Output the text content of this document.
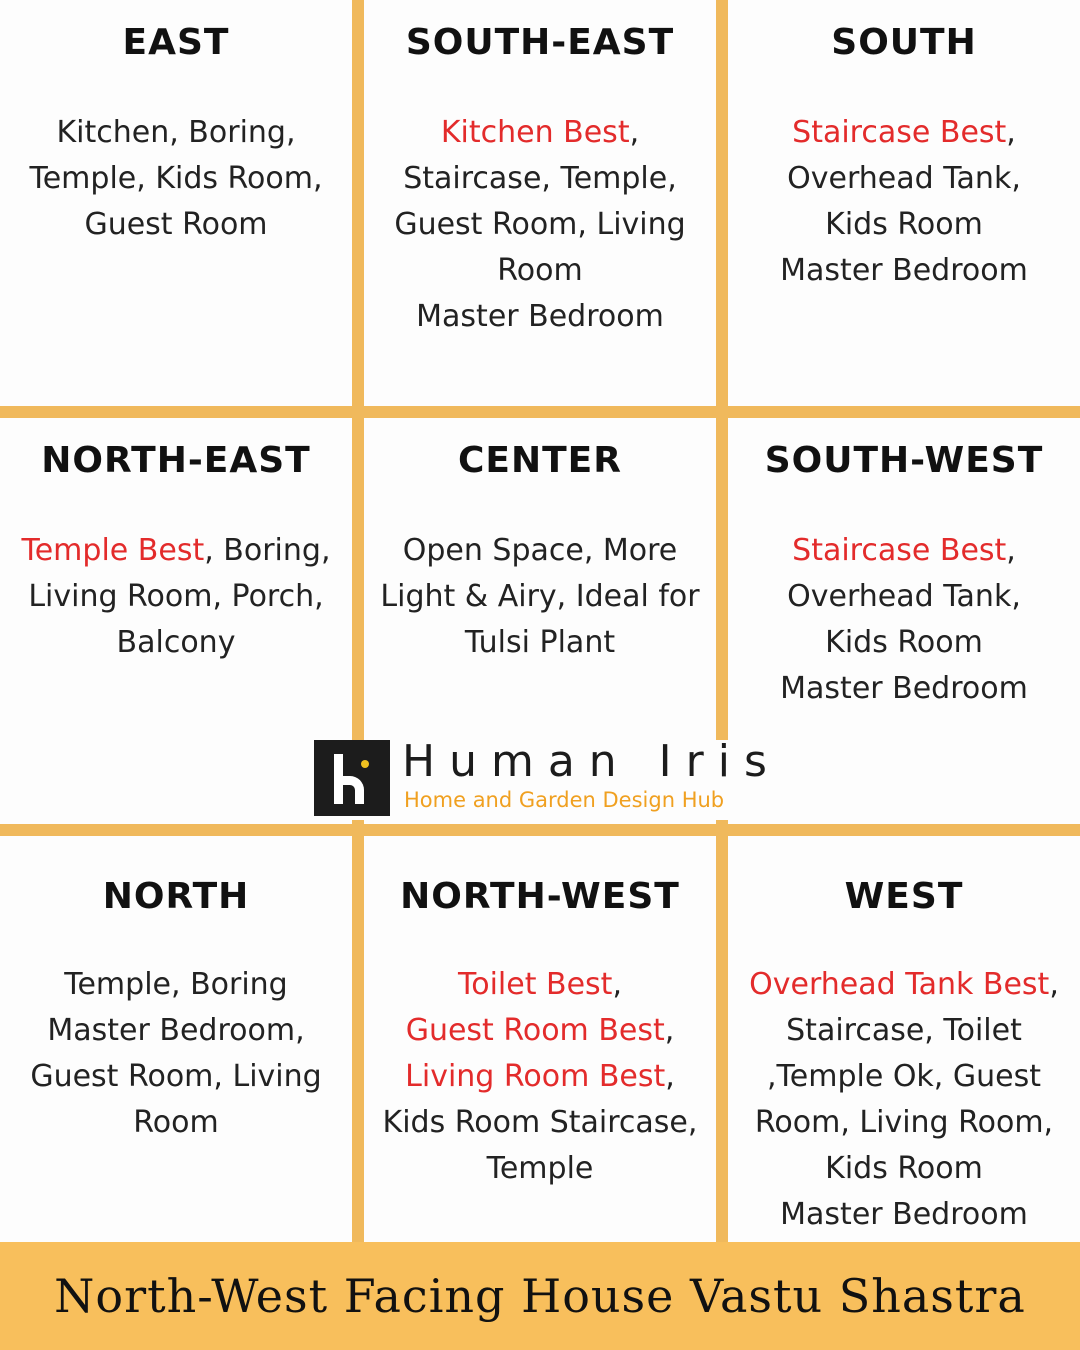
EAST
Kitchen, Boring,
Temple, Kids Room,
Guest Room
SOUTH-EAST
Kitchen Best,
Staircase, Temple,
Guest Room, Living
Room
Master Bedroom
SOUTH
Staircase Best,
Overhead Tank,
Kids Room
Master Bedroom
NORTH-EAST
Temple Best, Boring,
Living Room, Porch,
Balcony
CENTER
Open Space, More
Light & Airy, Ideal for
Tulsi Plant
SOUTH-WEST
Staircase Best,
Overhead Tank,
Kids Room
Master Bedroom
NORTH
Temple, Boring
Master Bedroom,
Guest Room, Living
Room
NORTH-WEST
Toilet Best,
Guest Room Best,
Living Room Best,
Kids Room Staircase,
Temple
WEST
Overhead Tank Best,
Staircase, Toilet
,Temple Ok, Guest
Room, Living Room,
Kids Room
Master Bedroom
Human Iris
Home and Garden Design Hub
North-West Facing House Vastu Shastra
